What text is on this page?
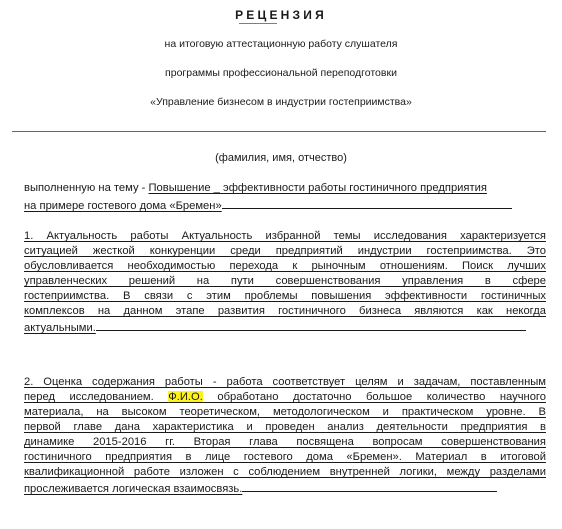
РЕЦЕНЗИЯ
на итоговую аттестационную работу слушателя
программы профессиональной переподготовки
«Управление бизнесом в индустрии гостеприимства»
(фамилия, имя, отчество)
выполненную на тему - Повышение _ эффективности работы гостиничного предприятия
на примере гостевого дома «Бремен»
1. Актуальность работы Актуальность избранной темы исследования характеризуется
ситуацией жесткой конкуренции среди предприятий индустрии гостеприимства. Это
обусловливается необходимостью перехода к рыночным отношениям. Поиск лучших
управленческих решений на пути совершенствования управления в сфере
гостеприимства. В связи с этим проблемы повышения эффективности гостиничных
комплексов на данном этапе развития гостиничного бизнеса являются как некогда
актуальными.
2. Оценка содержания работы - работа соответствует целям и задачам, поставленным
перед исследованием. Ф.И.О. обработано достаточно большое количество научного
материала, на высоком теоретическом, методологическом и практическом уровне. В
первой главе дана характеристика и проведен анализ деятельности предприятия в
динамике 2015-2016 гг. Вторая глава посвящена вопросам совершенствования
гостиничного предприятия в лице гостевого дома «Бремен». Материал в итоговой
квалификационной работе изложен с соблюдением внутренней логики, между разделами
прослеживается логическая взаимосвязь.
